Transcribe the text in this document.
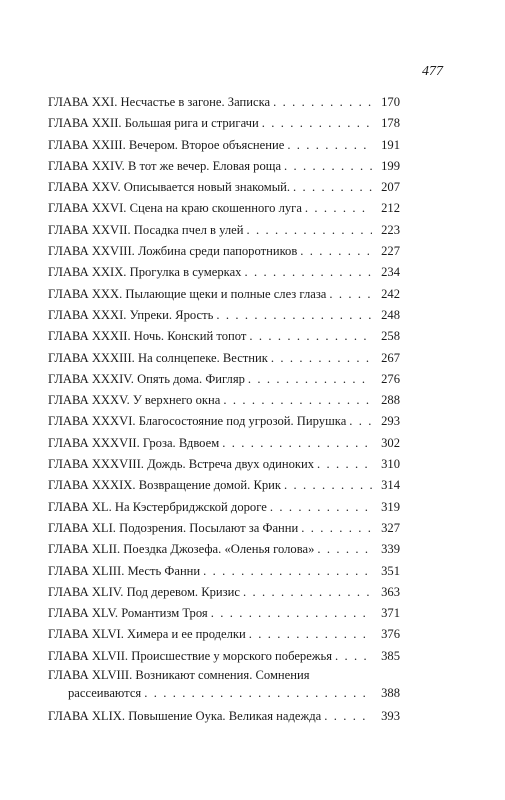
477
ГЛАВА XXI. Несчастье в загоне. Записка . . .	170
ГЛАВА XXII. Большая рига и стригачи . . .	178
ГЛАВА XXIII. Вечером. Второе объяснение . . .	191
ГЛАВА XXIV. В тот же вечер. Еловая роща . . .	199
ГЛАВА XXV. Описывается новый знакомый. . . .	207
ГЛАВА XXVI. Сцена на краю скошенного луга . . .	212
ГЛАВА XXVII. Посадка пчел в улей . . .	223
ГЛАВА XXVIII. Ложбина среди папоротников . . .	227
ГЛАВА XXIX. Прогулка в сумерках . . .	234
ГЛАВА XXX. Пылающие щеки и полные слез глаза . . .	242
ГЛАВА XXXI. Упреки. Ярость . . .	248
ГЛАВА XXXII. Ночь. Конский топот . . .	258
ГЛАВА XXXIII. На солнцепеке. Вестник . . .	267
ГЛАВА XXXIV. Опять дома. Фигляр . . .	276
ГЛАВА XXXV. У верхнего окна . . .	288
ГЛАВА XXXVI. Благосостояние под угрозой. Пирушка . . .	293
ГЛАВА XXXVII. Гроза. Вдвоем . . .	302
ГЛАВА XXXVIII. Дождь. Встреча двух одиноких . . .	310
ГЛАВА XXXIX. Возвращение домой. Крик . . .	314
ГЛАВА XL. На Кэстербриджской дороге . . .	319
ГЛАВА XLI. Подозрения. Посылают за Фанни . . .	327
ГЛАВА XLII. Поездка Джозефа. «Оленья голова» . . .	339
ГЛАВА XLIII. Месть Фанни . . .	351
ГЛАВА XLIV. Под деревом. Кризис . . .	363
ГЛАВА XLV. Романтизм Троя . . .	371
ГЛАВА XLVI. Химера и ее проделки . . .	376
ГЛАВА XLVII. Происшествие у морского побережья . . .	385
ГЛАВА XLVIII. Возникают сомнения. Сомнения
рассеиваются . . .	388
ГЛАВА XLIX. Повышение Оука. Великая надежда . . .	393
